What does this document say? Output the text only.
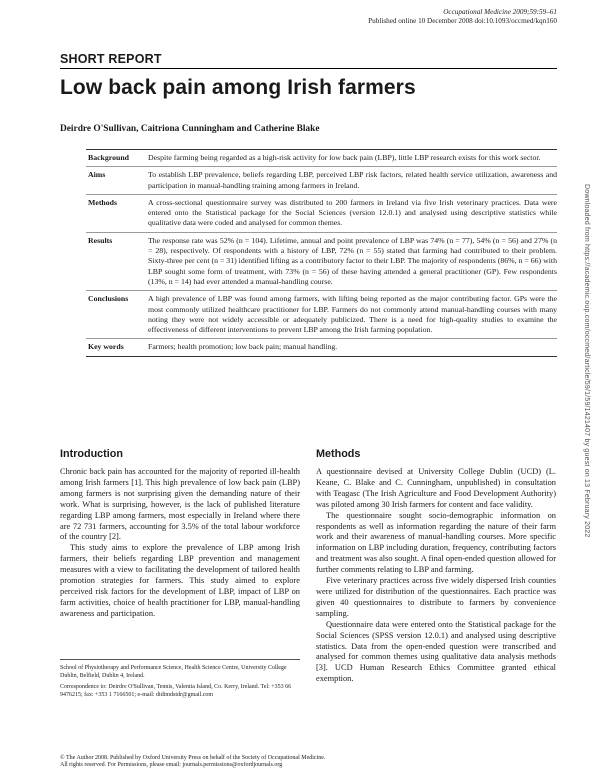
Occupational Medicine 2009;59:59–61
Published online 10 December 2008 doi:10.1093/occmed/kqn160
SHORT REPORT
Low back pain among Irish farmers
Deirdre O'Sullivan, Caitriona Cunningham and Catherine Blake
Background	Despite farming being regarded as a high-risk activity for low back pain (LBP), little LBP research exists for this work sector.
Aims	To establish LBP prevalence, beliefs regarding LBP, perceived LBP risk factors, related health service utilization, awareness and participation in manual-handling training among farmers in Ireland.
Methods	A cross-sectional questionnaire survey was distributed to 200 farmers in Ireland via five Irish veterinary practices. Data were entered onto the Statistical package for the Social Sciences (version 12.0.1) and analysed using descriptive statistics while qualitative data were coded and analysed for common themes.
Results	The response rate was 52% (n = 104). Lifetime, annual and point prevalence of LBP was 74% (n = 77), 54% (n = 56) and 27% (n = 28), respectively. Of respondents with a history of LBP, 72% (n = 55) stated that farming had contributed to their problem. Sixty-three per cent (n = 31) identified lifting as a contributory factor to their LBP. The majority of respondents (86%, n = 66) with LBP sought some form of treatment, with 73% (n = 56) of these having attended a general practitioner (GP). Few respondents (13%, n = 14) had ever attended a manual-handling course.
Conclusions	A high prevalence of LBP was found among farmers, with lifting being reported as the major contributing factor. GPs were the most commonly utilized healthcare practitioner for LBP. Farmers do not commonly attend manual-handling courses with many noting they were not widely accessible or adequately publicized. There is a need for high-quality studies to examine the effectiveness of different interventions to prevent LBP among the Irish farming population.
Key words	Farmers; health promotion; low back pain; manual handling.
Introduction

Chronic back pain has accounted for the majority of reported ill-health among Irish farmers [1]. This high prevalence of low back pain (LBP) among farmers is not surprising given the demanding nature of their work. What is surprising, however, is the lack of published literature regarding LBP among farmers, most especially in Ireland where there are 72 731 farmers, accounting for 3.5% of the total labour workforce of the country [2].

This study aims to explore the prevalence of LBP among Irish farmers, their beliefs regarding LBP prevention and management measures with a view to facilitating the development of tailored health promotion strategies for farmers. This study aimed to explore perceived risk factors for the development of LBP, impact of LBP on farm activities, choice of health practitioner for LBP, manual-handling awareness and participation.

Methods

A questionnaire devised at University College Dublin (UCD) (L. Keane, C. Blake and C. Cunningham, unpublished) in consultation with Teagasc (The Irish Agriculture and Food Development Authority) was piloted among 30 Irish farmers for content and face validity.

The questionnaire sought socio-demographic information on respondents as well as information regarding the nature of their farm work and their awareness of manual-handling courses. More specific information on LBP including duration, frequency, contributing factors and treatment was also sought. A final open-ended question allowed for further comments relating to LBP and farming.

Five veterinary practices across five widely dispersed Irish counties were utilized for distribution of the questionnaires. Each practice was given 40 questionnaires to distribute to farmers by convenience sampling.

Questionnaire data were entered onto the Statistical package for the Social Sciences (SPSS version 12.0.1) and analysed using descriptive statistics. Data from the open-ended question were transcribed and analysed for common themes using qualitative data analysis methods [3]. UCD Human Research Ethics Committee granted ethical exemption.

School of Physiotherapy and Performance Science, Health Science Centre, University College Dublin, Belfield, Dublin 4, Ireland.
Correspondence to: Deirdre O'Sullivan, Tennis, Valentia Island, Co. Kerry, Ireland. Tel: +353 66 9476215; fax: +353 1 7166501; e-mail: didimdstdr@gmail.com
© The Author 2008. Published by Oxford University Press on behalf of the Society of Occupational Medicine.
All rights reserved. For Permissions, please email: journals.permissions@oxfordjournals.org
Downloaded from https://academic.oup.com/occmed/article/59/1/59/1421407 by guest on 13 February 2022
